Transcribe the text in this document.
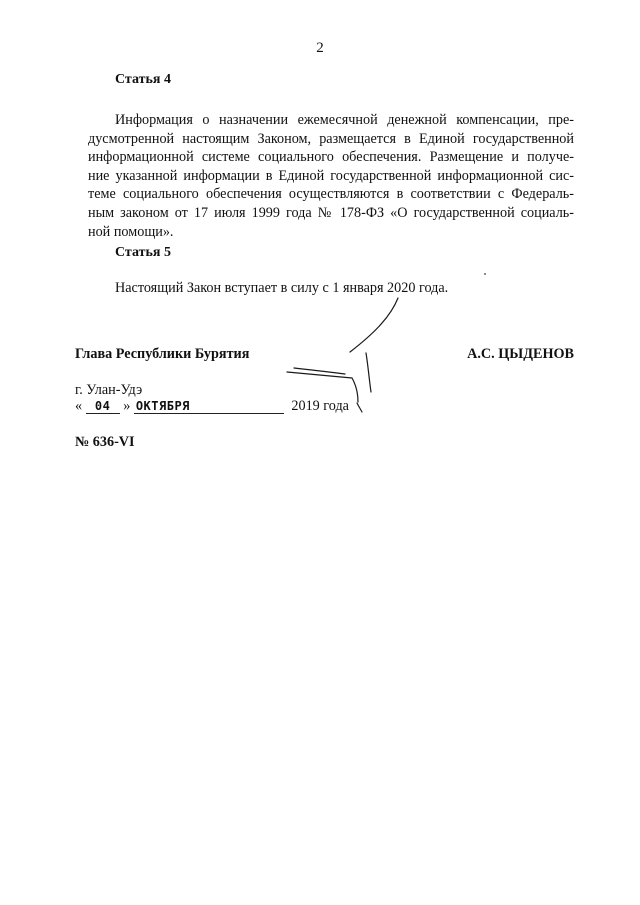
2
Статья 4
Информация о назначении ежемесячной денежной компенсации, пре-
дусмотренной настоящим Законом, размещается в Единой государственной
информационной системе социального обеспечения. Размещение и получе-
ние указанной информации в Единой государственной информационной сис-
теме социального обеспечения осуществляются в соответствии с Федераль-
ным законом от 17 июля 1999 года № 178-ФЗ «О государственной социаль-
ной помощи».
Статья 5
Настоящий Закон вступает в силу с 1 января 2020 года.
Глава Республики Бурятия	А.С. ЦЫДЕНОВ
г. Улан-Удэ
« 04 » ОКТЯБРЯ	2019 года
№ 636-VI
